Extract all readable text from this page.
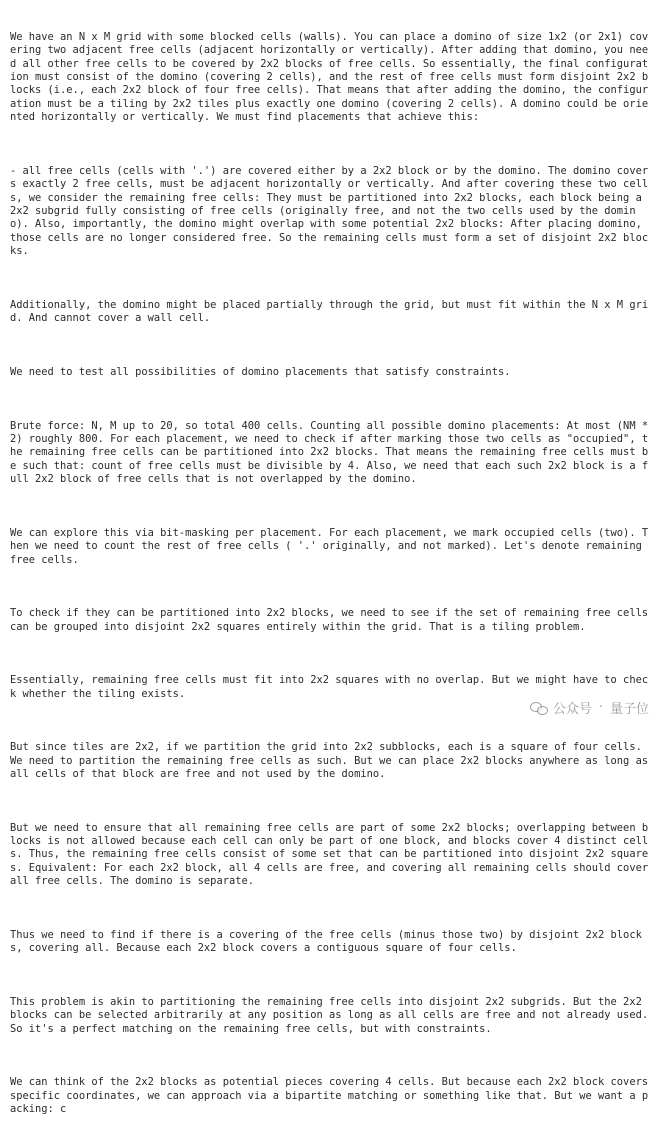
We have an N x M grid with some blocked cells (walls). You can place a domino of size 1x2 (or 2x1) covering two adjacent free cells (adjacent horizontally or vertically). After adding that domino, you need all other free cells to be covered by 2x2 blocks of free cells. So essentially, the final configuration must consist of the domino (covering 2 cells), and the rest of free cells must form disjoint 2x2 blocks (i.e., each 2x2 block of four free cells). That means that after adding the domino, the configuration must be a tiling by 2x2 tiles plus exactly one domino (covering 2 cells). A domino could be oriented horizontally or vertically. We must find placements that achieve this:

- all free cells (cells with '.') are covered either by a 2x2 block or by the domino. The domino covers exactly 2 free cells, must be adjacent horizontally or vertically. And after covering these two cells, we consider the remaining free cells: They must be partitioned into 2x2 blocks, each block being a 2x2 subgrid fully consisting of free cells (originally free, and not the two cells used by the domino). Also, importantly, the domino might overlap with some potential 2x2 blocks: After placing domino, those cells are no longer considered free. So the remaining cells must form a set of disjoint 2x2 blocks.

Additionally, the domino might be placed partially through the grid, but must fit within the N x M grid. And cannot cover a wall cell.

We need to test all possibilities of domino placements that satisfy constraints.

Brute force: N, M up to 20, so total 400 cells. Counting all possible domino placements: At most (NM * 2) roughly 800. For each placement, we need to check if after marking those two cells as "occupied", the remaining free cells can be partitioned into 2x2 blocks. That means the remaining free cells must be such that: count of free cells must be divisible by 4. Also, we need that each such 2x2 block is a full 2x2 block of free cells that is not overlapped by the domino.

We can explore this via bit-masking per placement. For each placement, we mark occupied cells (two). Then we need to count the rest of free cells ( '.' originally, and not marked). Let's denote remaining free cells.

To check if they can be partitioned into 2x2 blocks, we need to see if the set of remaining free cells can be grouped into disjoint 2x2 squares entirely within the grid. That is a tiling problem.

Essentially, remaining free cells must fit into 2x2 squares with no overlap. But we might have to check whether the tiling exists.

But since tiles are 2x2, if we partition the grid into 2x2 subblocks, each is a square of four cells. We need to partition the remaining free cells as such. But we can place 2x2 blocks anywhere as long as all cells of that block are free and not used by the domino.

But we need to ensure that all remaining free cells are part of some 2x2 blocks; overlapping between blocks is not allowed because each cell can only be part of one block, and blocks cover 4 distinct cells. Thus, the remaining free cells consist of some set that can be partitioned into disjoint 2x2 squares. Equivalent: For each 2x2 block, all 4 cells are free, and covering all remaining cells should cover all free cells. The domino is separate.

Thus we need to find if there is a covering of the free cells (minus those two) by disjoint 2x2 blocks, covering all. Because each 2x2 block covers a contiguous square of four cells.

This problem is akin to partitioning the remaining free cells into disjoint 2x2 subgrids. But the 2x2 blocks can be selected arbitrarily at any position as long as all cells are free and not already used. So it's a perfect matching on the remaining free cells, but with constraints.

We can think of the 2x2 blocks as potential pieces covering 4 cells. But because each 2x2 block covers specific coordinates, we can approach via a bipartite matching or something like that. But we want a packing: c

公众号 · 量子位
